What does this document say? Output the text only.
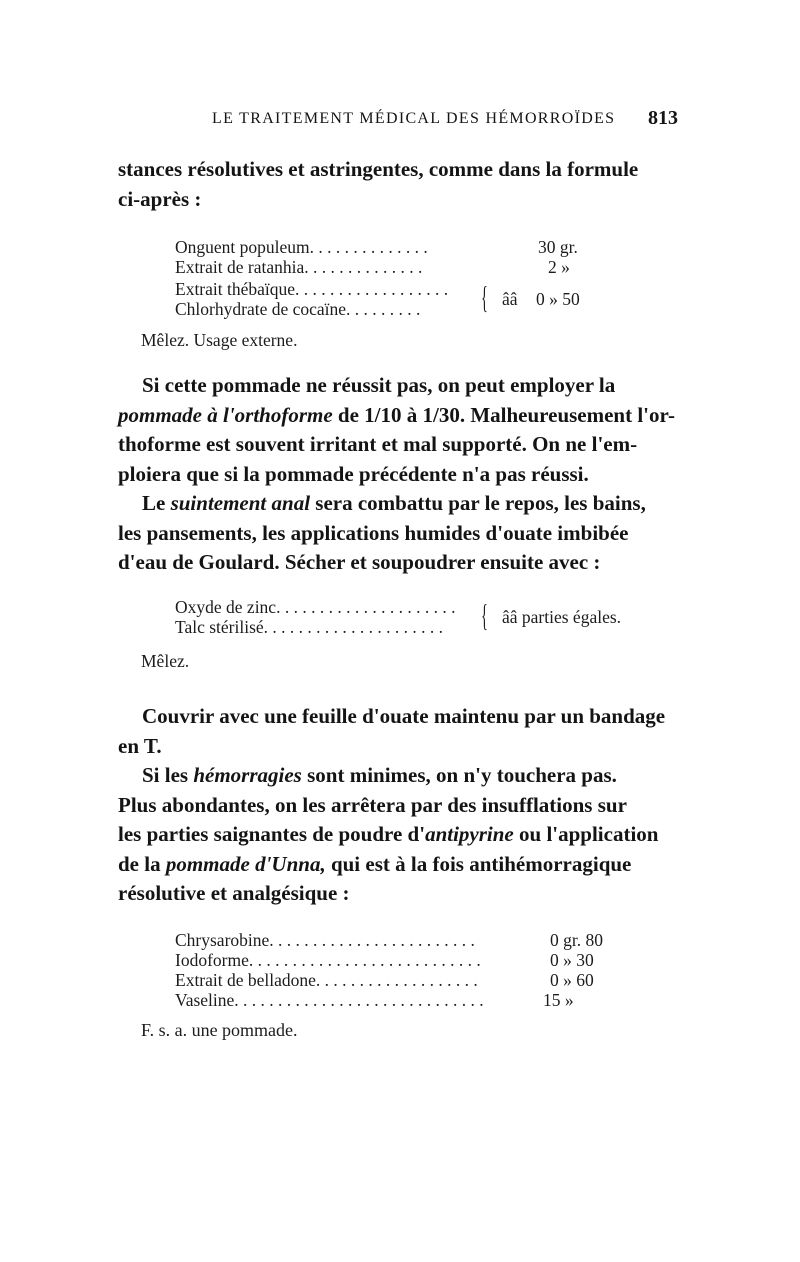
LE TRAITEMENT MÉDICAL DES HÉMORROÏDES 813
stances résolutives et astringentes, comme dans la formule
ci-après :
Onguent populeum. . . . . . . . . . . . . .	30 gr.
Extrait de ratanhia. . . . . . . . . . . . . .	2 »
Extrait thébaïque. . . . . . . . . . . . . . . . . .
Chlorhydrate de cocaïne. . . . . . . . . { ââ 0 » 50
Mêlez. Usage externe.
Si cette pommade ne réussit pas, on peut employer la
pommade à l'orthoforme de 1/10 à 1/30. Malheureusement l'or-
thoforme est souvent irritant et mal supporté. On ne l'em-
ploiera que si la pommade précédente n'a pas réussi.
Le suintement anal sera combattu par le repos, les bains,
les pansements, les applications humides d'ouate imbibée
d'eau de Goulard. Sécher et soupoudrer ensuite avec :
Oxyde de zinc. . . . . . . . . . . . . . . . . . . . .
Talc stérilisé. . . . . . . . . . . . . . . . . . . . . { ââ parties égales.
Mêlez.
Couvrir avec une feuille d'ouate maintenu par un bandage
en T.
Si les hémorragies sont minimes, on n'y touchera pas.
Plus abondantes, on les arrêtera par des insufflations sur
les parties saignantes de poudre d'antipyrine ou l'application
de la pommade d'Unna, qui est à la fois antihémorragique
résolutive et analgésique :
Chrysarobine. . . . . . . . . . . . . . . . . . . . . . . .	0 gr. 80
Iodoforme. . . . . . . . . . . . . . . . . . . . . . . . . . .	0 » 30
Extrait de belladone. . . . . . . . . . . . . . . . . . .	0 » 60
Vaseline. . . . . . . . . . . . . . . . . . . . . . . . . . . . .	15 »
F. s. a. une pommade.
